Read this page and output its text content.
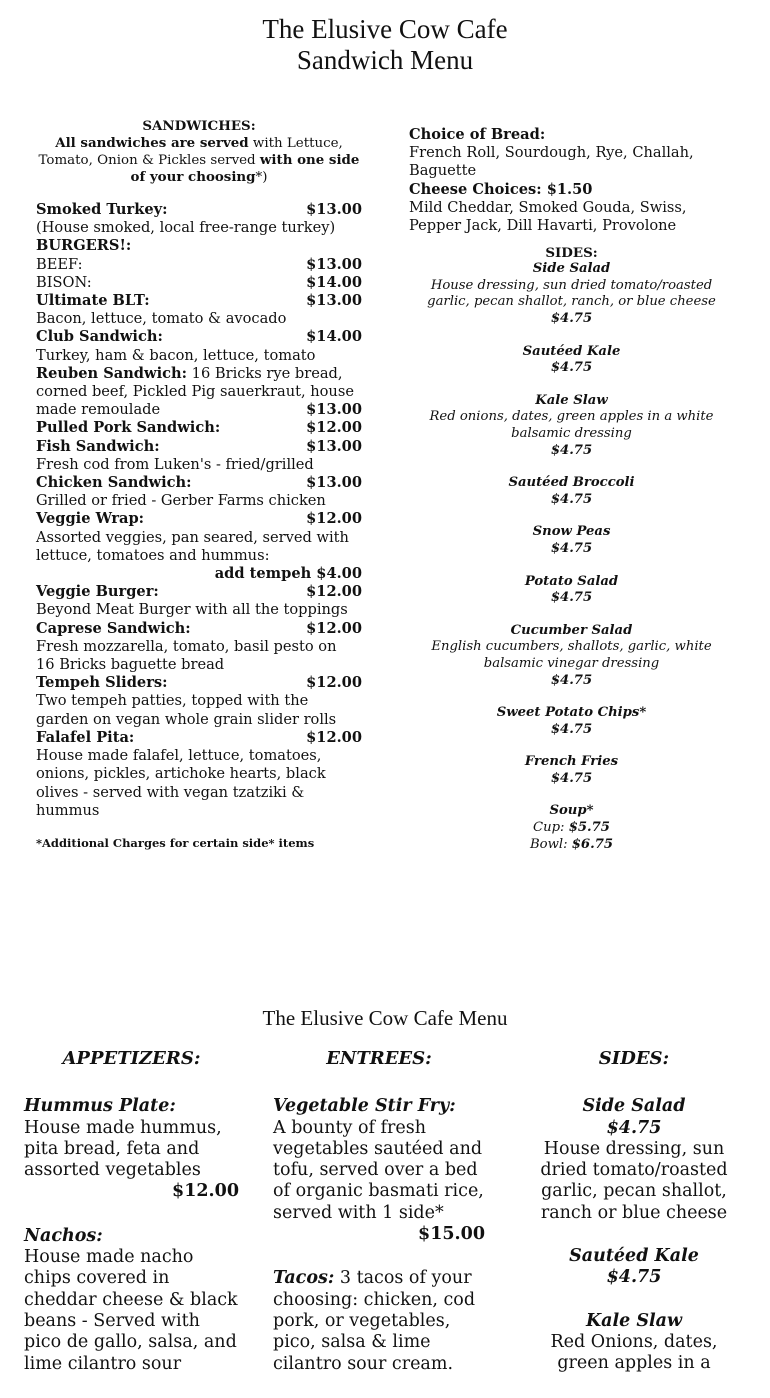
The Elusive Cow Cafe
Sandwich Menu
SANDWICHES:
All sandwiches are served with Lettuce, Tomato, Onion & Pickles served with one side of your choosing*)
Smoked Turkey:	$13.00
(House smoked, local free-range turkey)
BURGERS!:
BEEF:	$13.00
BISON:	$14.00
Ultimate BLT:	$13.00
Bacon, lettuce, tomato & avocado
Club Sandwich:	$14.00
Turkey, ham & bacon, lettuce, tomato
Reuben Sandwich: 16 Bricks rye bread,
corned beef, Pickled Pig sauerkraut, house
made remoulade	$13.00
Pulled Pork Sandwich:	$12.00
Fish Sandwich:	$13.00
Fresh cod from Luken's - fried/grilled
Chicken Sandwich:	$13.00
Grilled or fried - Gerber Farms chicken
Veggie Wrap:	$12.00
Assorted veggies, pan seared, served with
lettuce, tomatoes and hummus:
add tempeh $4.00
Veggie Burger:	$12.00
Beyond Meat Burger with all the toppings
Caprese Sandwich:	$12.00
Fresh mozzarella, tomato, basil pesto on
16 Bricks baguette bread
Tempeh Sliders:	$12.00
Two tempeh patties, topped with the
garden on vegan whole grain slider rolls
Falafel Pita:	$12.00
House made falafel, lettuce, tomatoes,
onions, pickles, artichoke hearts, black
olives - served with vegan tzatziki &
hummus
*Additional Charges for certain side* items
Choice of Bread:
French Roll, Sourdough, Rye, Challah,
Baguette
Cheese Choices: $1.50
Mild Cheddar, Smoked Gouda, Swiss,
Pepper Jack, Dill Havarti, Provolone
SIDES:
Side Salad
House dressing, sun dried tomato/roasted
garlic, pecan shallot, ranch, or blue cheese
$4.75
Sautéed Kale
$4.75
Kale Slaw
Red onions, dates, green apples in a white
balsamic dressing
$4.75
Sautéed Broccoli
$4.75
Snow Peas
$4.75
Potato Salad
$4.75
Cucumber Salad
English cucumbers, shallots, garlic, white
balsamic vinegar dressing
$4.75
Sweet Potato Chips*
$4.75
French Fries
$4.75
Soup*
Cup: $5.75
Bowl: $6.75
The Elusive Cow Cafe Menu
APPETIZERS:
Hummus Plate:
House made hummus,
pita bread, feta and
assorted vegetables
$12.00
Nachos:
House made nacho
chips covered in
cheddar cheese & black
beans - Served with
pico de gallo, salsa, and
lime cilantro sour
ENTREES:
Vegetable Stir Fry:
A bounty of fresh
vegetables sautéed and
tofu, served over a bed
of organic basmati rice,
served with 1 side*
$15.00
Tacos: 3 tacos of your
choosing: chicken, cod
pork, or vegetables,
pico, salsa & lime
cilantro sour cream.
SIDES:
Side Salad
$4.75
House dressing, sun
dried tomato/roasted
garlic, pecan shallot,
ranch or blue cheese
Sautéed Kale
$4.75
Kale Slaw
Red Onions, dates,
green apples in a
